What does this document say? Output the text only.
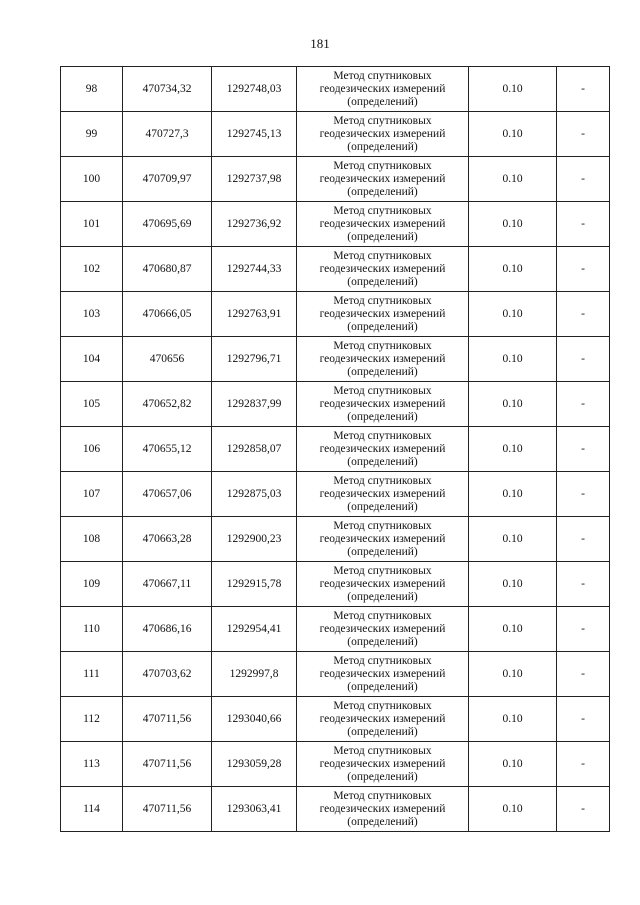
181
98	470734,32	1292748,03	Метод спутниковых
геодезических измерений
(определений)	0.10	-
99	470727,3	1292745,13	Метод спутниковых
геодезических измерений
(определений)	0.10	-
100	470709,97	1292737,98	Метод спутниковых
геодезических измерений
(определений)	0.10	-
101	470695,69	1292736,92	Метод спутниковых
геодезических измерений
(определений)	0.10	-
102	470680,87	1292744,33	Метод спутниковых
геодезических измерений
(определений)	0.10	-
103	470666,05	1292763,91	Метод спутниковых
геодезических измерений
(определений)	0.10	-
104	470656	1292796,71	Метод спутниковых
геодезических измерений
(определений)	0.10	-
105	470652,82	1292837,99	Метод спутниковых
геодезических измерений
(определений)	0.10	-
106	470655,12	1292858,07	Метод спутниковых
геодезических измерений
(определений)	0.10	-
107	470657,06	1292875,03	Метод спутниковых
геодезических измерений
(определений)	0.10	-
108	470663,28	1292900,23	Метод спутниковых
геодезических измерений
(определений)	0.10	-
109	470667,11	1292915,78	Метод спутниковых
геодезических измерений
(определений)	0.10	-
110	470686,16	1292954,41	Метод спутниковых
геодезических измерений
(определений)	0.10	-
111	470703,62	1292997,8	Метод спутниковых
геодезических измерений
(определений)	0.10	-
112	470711,56	1293040,66	Метод спутниковых
геодезических измерений
(определений)	0.10	-
113	470711,56	1293059,28	Метод спутниковых
геодезических измерений
(определений)	0.10	-
114	470711,56	1293063,41	Метод спутниковых
геодезических измерений
(определений)	0.10	-
